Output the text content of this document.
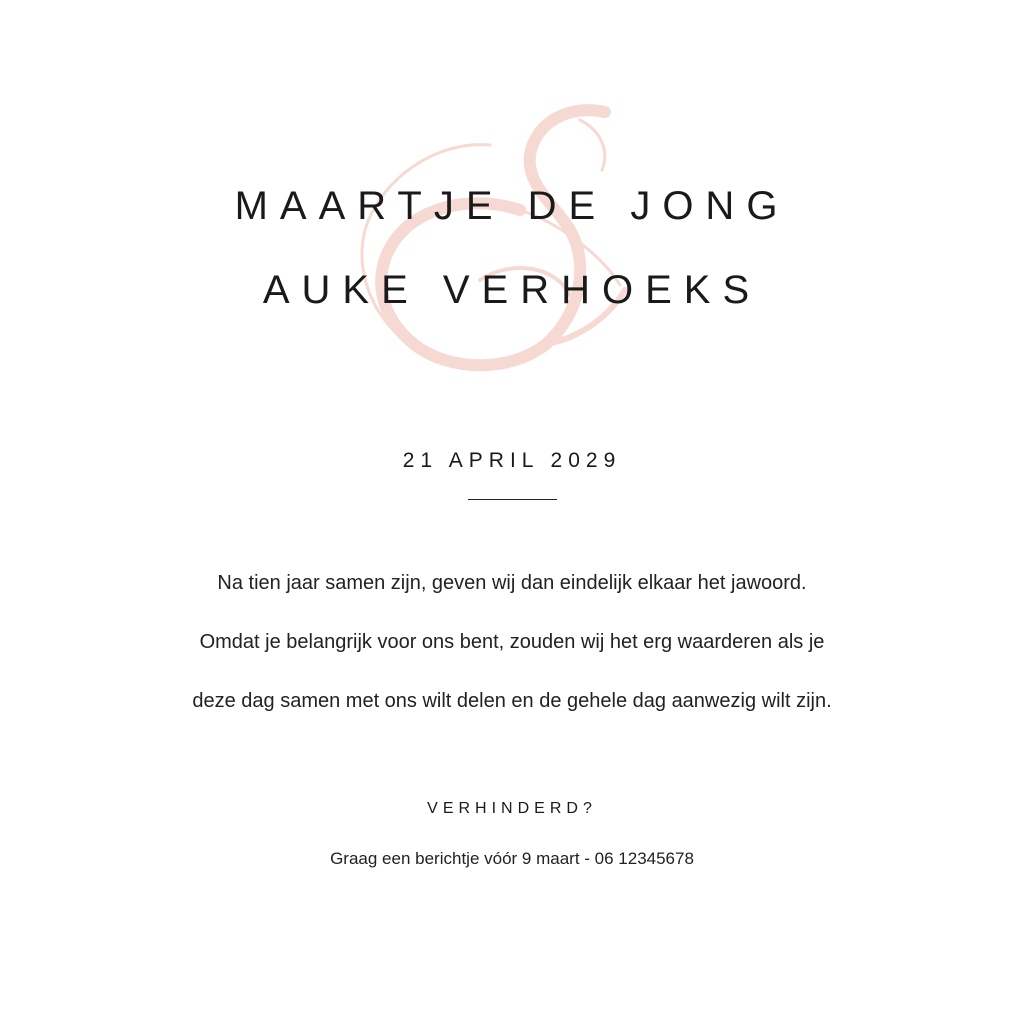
MAARTJE DE JONG
AUKE VERHOEKS
21 APRIL 2029
Na tien jaar samen zijn, geven wij dan eindelijk elkaar het jawoord.
Omdat je belangrijk voor ons bent, zouden wij het erg waarderen als je
deze dag samen met ons wilt delen en de gehele dag aanwezig wilt zijn.
VERHINDERD?
Graag een berichtje vóór 9 maart - 06 12345678
